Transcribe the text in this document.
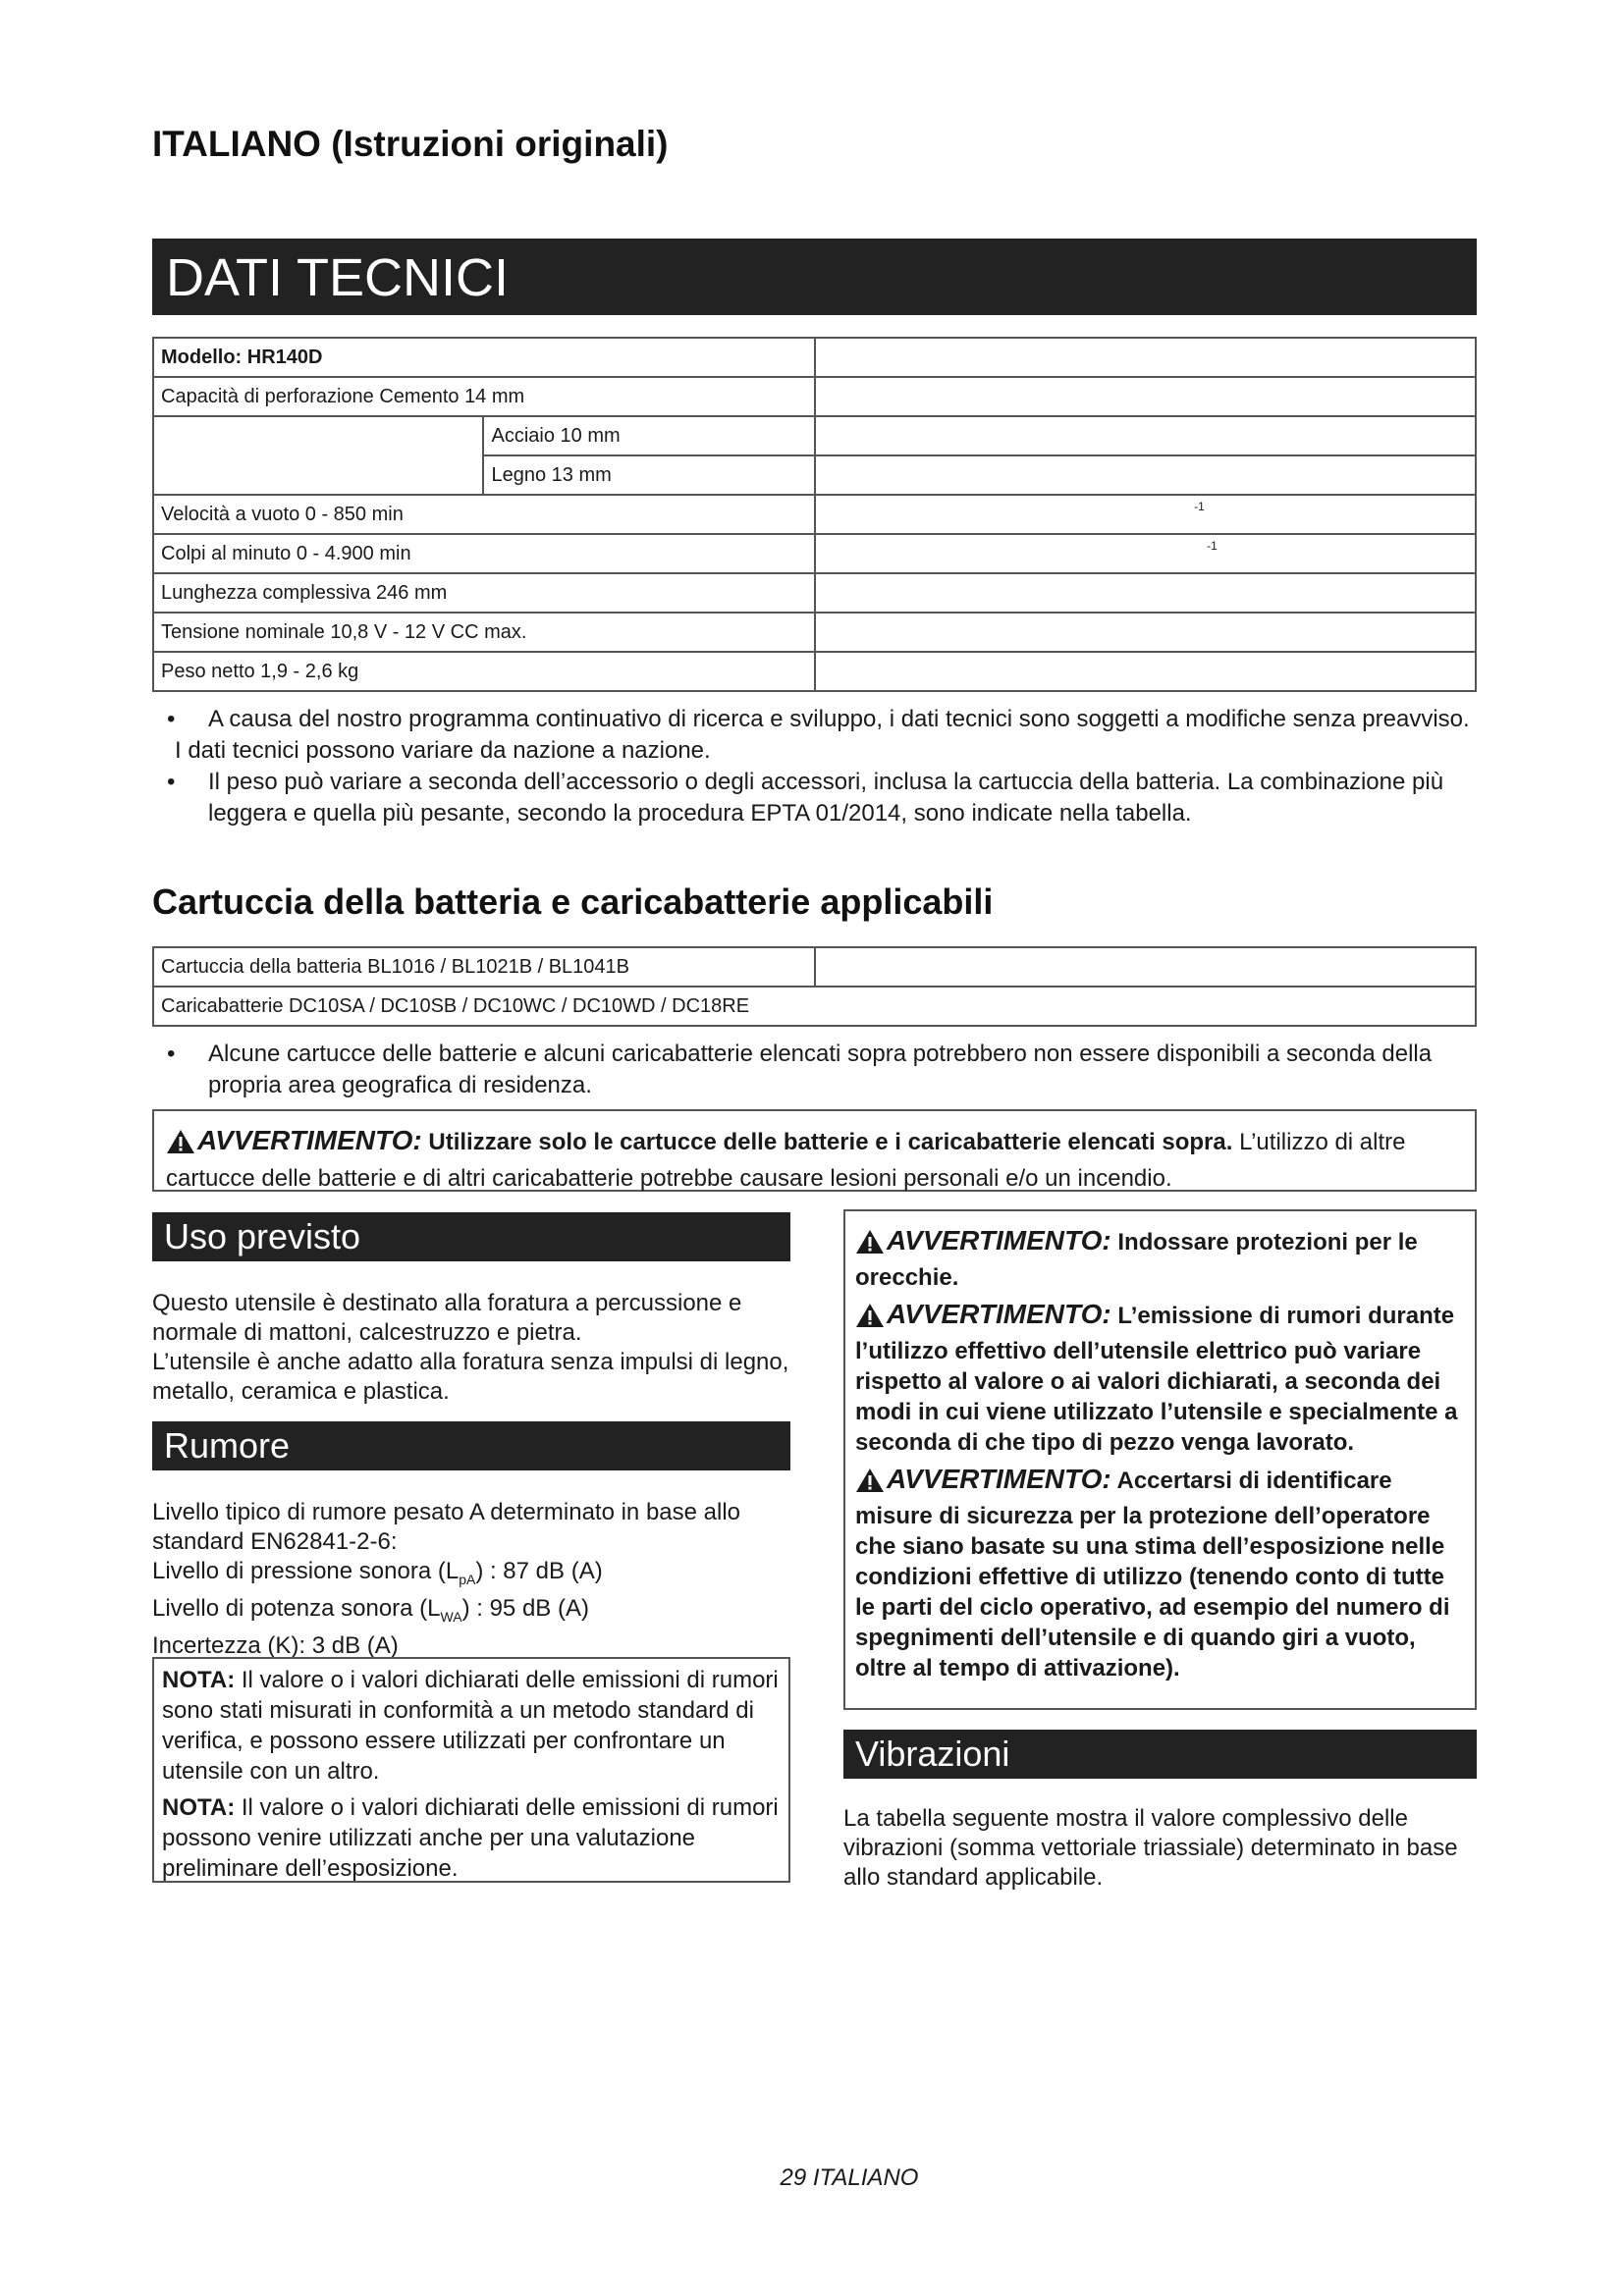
ITALIANO (Istruzioni originali)
DATI TECNICI
Modello: HR140D		
Capacità di perforazione Cemento 14 mm		
	Acciaio 10 mm	
	Legno 13 mm	
Velocità a vuoto 0 - 850 min		-1

Colpi al minuto 0 - 4.900 min		-1

Lunghezza complessiva 246 mm		
Tensione nominale 10,8 V - 12 V CC max.		
Peso netto 1,9 - 2,6 kg		
• A causa del nostro programma continuativo di ricerca e sviluppo, i dati tecnici sono soggetti a modifiche senza preavviso.
I dati tecnici possono variare da nazione a nazione.
• Il peso può variare a seconda dell’accessorio o degli accessori, inclusa la cartuccia della batteria. La combinazione più leggera e quella più pesante, secondo la procedura EPTA 01/2014, sono indicate nella tabella.
Cartuccia della batteria e caricabatterie applicabili
Cartuccia della batteria BL1016 / BL1021B / BL1041B	
Caricabatterie DC10SA / DC10SB / DC10WC / DC10WD / DC18RE
• Alcune cartucce delle batterie e alcuni caricabatterie elencati sopra potrebbero non essere disponibili a seconda della propria area geografica di residenza.
AVVERTIMENTO: Utilizzare solo le cartucce delle batterie e i caricabatterie elencati sopra. L’utilizzo di altre cartucce delle batterie e di altri caricabatterie potrebbe causare lesioni personali e/o un incendio.
Uso previsto
Questo utensile è destinato alla foratura a percussione e normale di mattoni, calcestruzzo e pietra.
L’utensile è anche adatto alla foratura senza impulsi di legno, metallo, ceramica e plastica.
Rumore
Livello tipico di rumore pesato A determinato in base allo standard EN62841-2-6:
Livello di pressione sonora $(L_{pA})$ : 87 dB (A)
Livello di potenza sonora $(L_{WA})$ : 95 dB (A)
Incertezza (K): 3 dB (A)
NOTA: Il valore o i valori dichiarati delle emissioni di rumori sono stati misurati in conformità a un metodo standard di verifica, e possono essere utilizzati per confrontare un utensile con un altro.
NOTA: Il valore o i valori dichiarati delle emissioni di rumori possono venire utilizzati anche per una valutazione preliminare dell’esposizione.
AVVERTIMENTO: Indossare protezioni per le orecchie.
AVVERTIMENTO: L’emissione di rumori durante l’utilizzo effettivo dell’utensile elettrico può variare rispetto al valore o ai valori dichiarati, a seconda dei modi in cui viene utilizzato l’utensile e specialmente a seconda di che tipo di pezzo venga lavorato.
AVVERTIMENTO: Accertarsi di identificare misure di sicurezza per la protezione dell’operatore che siano basate su una stima dell’esposizione nelle condizioni effettive di utilizzo (tenendo conto di tutte le parti del ciclo operativo, ad esempio del numero di spegnimenti dell’utensile e di quando giri a vuoto, oltre al tempo di attivazione).
Vibrazioni
La tabella seguente mostra il valore complessivo delle vibrazioni (somma vettoriale triassiale) determinato in base allo standard applicabile.
29 ITALIANO
